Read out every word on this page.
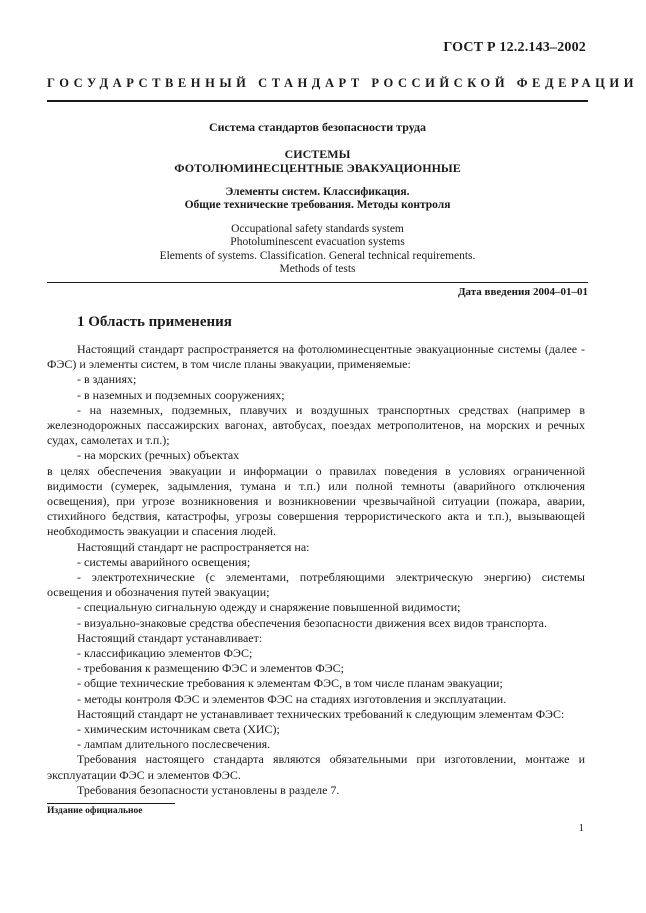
ГОСТ Р 12.2.143–2002
ГОСУДАРСТВЕННЫЙ СТАНДАРТ РОССИЙСКОЙ ФЕДЕРАЦИИ
Система стандартов безопасности труда
СИСТЕМЫ
ФОТОЛЮМИНЕСЦЕНТНЫЕ ЭВАКУАЦИОННЫЕ
Элементы систем. Классификация.
Общие технические требования. Методы контроля
Occupational safety standards system
Photoluminescent evacuation systems
Elements of systems. Classification. General technical requirements.
Methods of tests
Дата введения 2004–01–01
1 Область применения

Настоящий стандарт распространяется на фотолюминесцентные эвакуационные системы (далее - ФЭС) и элементы систем, в том числе планы эвакуации, применяемые:

- в зданиях;

- в наземных и подземных сооружениях;

- на наземных, подземных, плавучих и воздушных транспортных средствах (например в железнодорожных пассажирских вагонах, автобусах, поездах метрополитенов, на морских и речных судах, самолетах и т.п.);

- на морских (речных) объектах

в целях обеспечения эвакуации и информации о правилах поведения в условиях ограниченной видимости (сумерек, задымления, тумана и т.п.) или полной темноты (аварийного отключения освещения), при угрозе возникновения и возникновении чрезвычайной ситуации (пожара, аварии, стихийного бедствия, катастрофы, угрозы совершения террористического акта и т.п.), вызывающей необходимость эвакуации и спасения людей.

Настоящий стандарт не распространяется на:

- системы аварийного освещения;

- электротехнические (с элементами, потребляющими электрическую энергию) системы освещения и обозначения путей эвакуации;

- специальную сигнальную одежду и снаряжение повышенной видимости;

- визуально-знаковые средства обеспечения безопасности движения всех видов транспорта.

Настоящий стандарт устанавливает:

- классификацию элементов ФЭС;

- требования к размещению ФЭС и элементов ФЭС;

- общие технические требования к элементам ФЭС, в том числе планам эвакуации;

- методы контроля ФЭС и элементов ФЭС на стадиях изготовления и эксплуатации.

Настоящий стандарт не устанавливает технических требований к следующим элементам ФЭС:

- химическим источникам света (ХИС);

- лампам длительного послесвечения.

Требования настоящего стандарта являются обязательными при изготовлении, монтаже и эксплуатации ФЭС и элементов ФЭС.

Требования безопасности установлены в разделе 7.

Издание официальное
1
